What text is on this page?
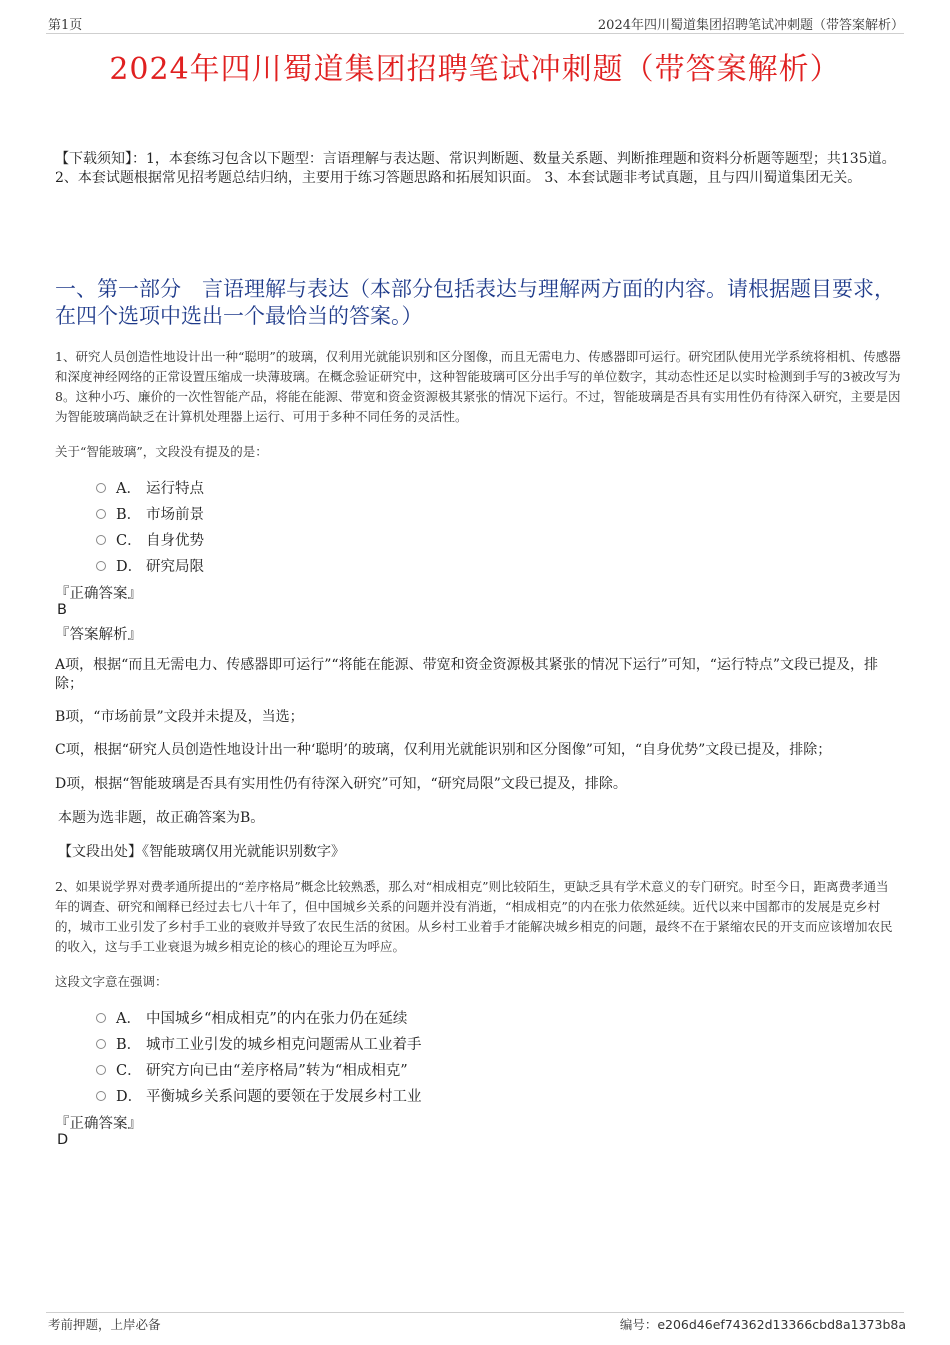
第1页	2024年四川蜀道集团招聘笔试冲刺题（带答案解析）
2024年四川蜀道集团招聘笔试冲刺题（带答案解析）
【下载须知】：1，本套练习包含以下题型：言语理解与表达题、常识判断题、数量关系题、判断推理题和资料分析题等题型；共135道。 2、本套试题根据常见招考题总结归纳，主要用于练习答题思路和拓展知识面。 3、本套试题非考试真题，且与四川蜀道集团无关。
一、第一部分　言语理解与表达（本部分包括表达与理解两方面的内容。请根据题目要求，在四个选项中选出一个最恰当的答案。）
1、研究人员创造性地设计出一种“聪明”的玻璃，仅利用光就能识别和区分图像，而且无需电力、传感器即可运行。研究团队使用光学系统将相机、传感器和深度神经网络的正常设置压缩成一块薄玻璃。在概念验证研究中，这种智能玻璃可区分出手写的单位数字，其动态性还足以实时检测到手写的3被改写为8。这种小巧、廉价的一次性智能产品，将能在能源、带宽和资金资源极其紧张的情况下运行。不过，智能玻璃是否具有实用性仍有待深入研究，主要是因为智能玻璃尚缺乏在计算机处理器上运行、可用于多种不同任务的灵活性。
关于“智能玻璃”，文段没有提及的是：
A． 运行特点
B． 市场前景
C． 自身优势
D． 研究局限
『正确答案』
B
『答案解析』
A项，根据“而且无需电力、传感器即可运行”“将能在能源、带宽和资金资源极其紧张的情况下运行”可知，“运行特点”文段已提及，排除；
B项，“市场前景”文段并未提及，当选；
C项，根据“研究人员创造性地设计出一种‘聪明’的玻璃，仅利用光就能识别和区分图像”可知，“自身优势”文段已提及，排除；
D项，根据“智能玻璃是否具有实用性仍有待深入研究”可知，“研究局限”文段已提及，排除。
本题为选非题，故正确答案为B。
【文段出处】《智能玻璃仅用光就能识别数字》
2、如果说学界对费孝通所提出的“差序格局”概念比较熟悉，那么对“相成相克”则比较陌生，更缺乏具有学术意义的专门研究。时至今日，距离费孝通当年的调查、研究和阐释已经过去七八十年了，但中国城乡关系的问题并没有消逝，“相成相克”的内在张力依然延续。近代以来中国都市的发展是克乡村的，城市工业引发了乡村手工业的衰败并导致了农民生活的贫困。从乡村工业着手才能解决城乡相克的问题，最终不在于紧缩农民的开支而应该增加农民的收入，这与手工业衰退为城乡相克论的核心的理论互为呼应。
这段文字意在强调：
A． 中国城乡“相成相克”的内在张力仍在延续
B． 城市工业引发的城乡相克问题需从工业着手
C． 研究方向已由“差序格局”转为“相成相克”
D． 平衡城乡关系问题的要领在于发展乡村工业
『正确答案』
D
考前押题，上岸必备	编号：e206d46ef74362d13366cbd8a1373b8a
